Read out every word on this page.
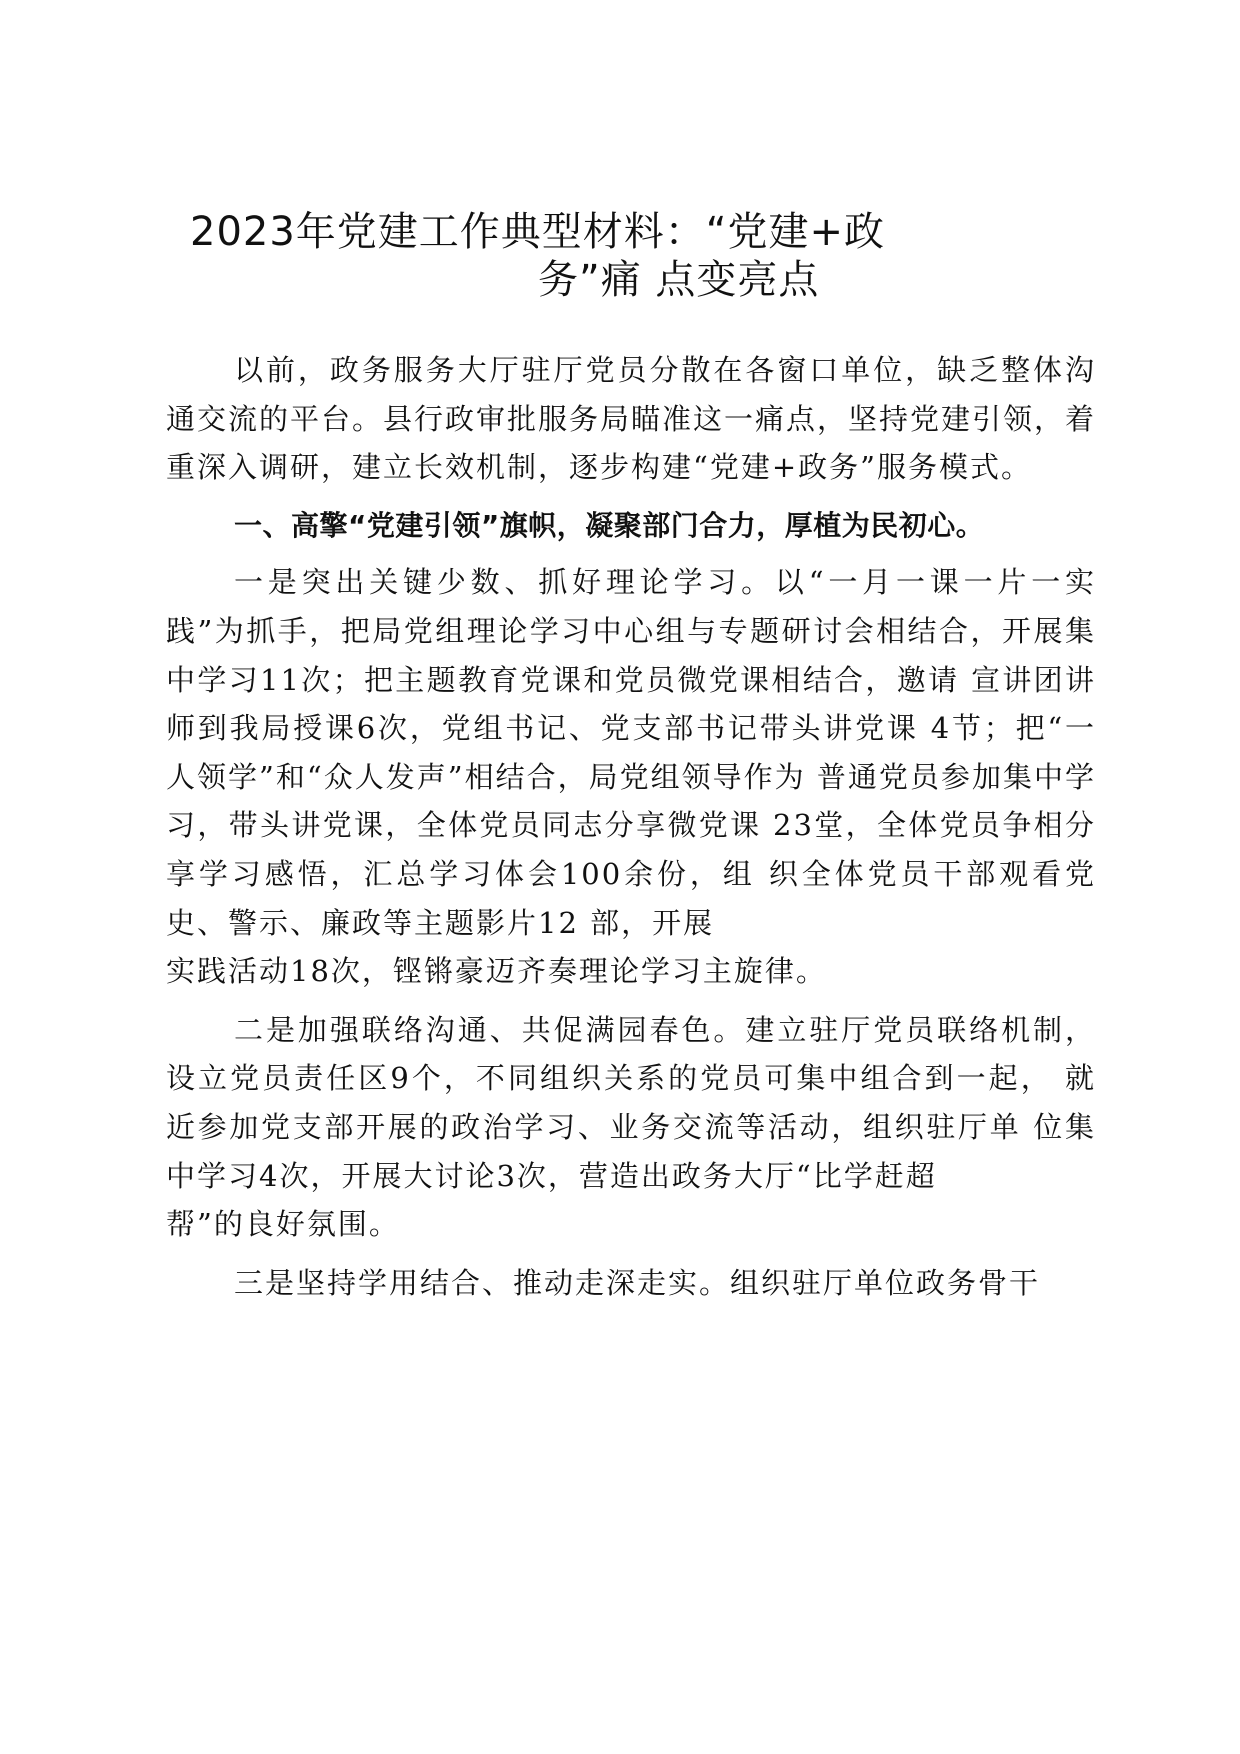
2023年党建工作典型材料：“党建+政
务”痛 点变亮点

以前，政务服务大厅驻厅党员分散在各窗口单位，缺乏整体沟通交流的平台。县行政审批服务局瞄准这一痛点，坚持党建引领，着重深入调研，建立长效机制，逐步构建“党建+政务”服务模式。

一、高擎“党建引领”旗帜，凝聚部门合力，厚植为民初心。

一是突出关键少数、抓好理论学习。以“一月一课一片一实践”为抓手，把局党组理论学习中心组与专题研讨会相结合，开展集中学习11次；把主题教育党课和党员微党课相结合，邀请 宣讲团讲师到我局授课6次，党组书记、党支部书记带头讲党课 4节；把“一人领学”和“众人发声”相结合，局党组领导作为 普通党员参加集中学习，带头讲党课，全体党员同志分享微党课 23堂，全体党员争相分享学习感悟，汇总学习体会100余份，组 织全体党员干部观看党史、警示、廉政等主题影片12 部，开展

实践活动18次，铿锵豪迈齐奏理论学习主旋律。

二是加强联络沟通、共促满园春色。建立驻厅党员联络机制，设立党员责任区9个，不同组织关系的党员可集中组合到一起， 就近参加党支部开展的政治学习、业务交流等活动，组织驻厅单 位集中学习4次，开展大讨论3次，营造出政务大厅“比学赶超

帮”的良好氛围。

三是坚持学用结合、推动走深走实。组织驻厅单位政务骨干
